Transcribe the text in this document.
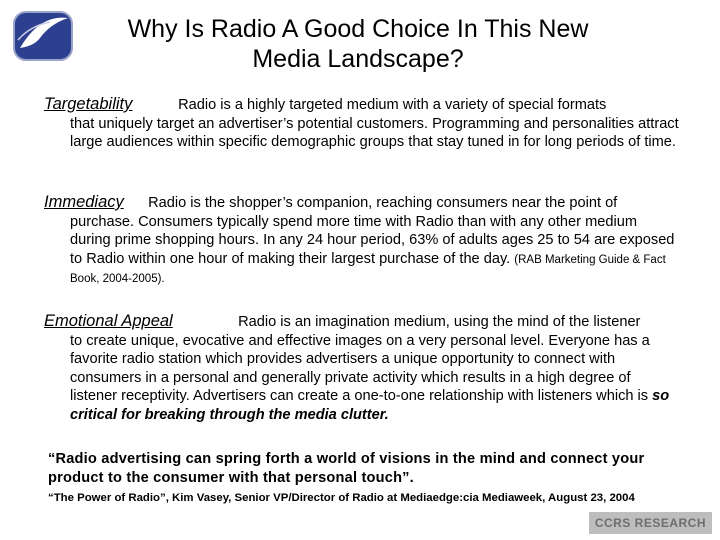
Why Is Radio A Good Choice In This New
Media Landscape?
Targetability	Radio is a highly targeted medium with a variety of special formats
that uniquely target an advertiser’s potential customers. Programming and personalities attract large audiences within specific demographic groups that stay tuned in for long periods of time.
Immediacy Radio is the shopper’s companion, reaching consumers near the point of
purchase. Consumers typically spend more time with Radio than with any other medium during prime shopping hours. In any 24 hour period, 63% of adults ages 25 to 54 are exposed to Radio within one hour of making their largest purchase of the day. (RAB Marketing Guide & Fact Book, 2004-2005).
Emotional Appeal	Radio is an imagination medium, using the mind of the listener
to create unique, evocative and effective images on a very personal level. Everyone has a favorite radio station which provides advertisers a unique opportunity to connect with consumers in a personal and generally private activity which results in a high degree of listener receptivity. Advertisers can create a one-to-one relationship with listeners which is so critical for breaking through the media clutter.
“Radio advertising can spring forth a world of visions in the mind and connect your product to the consumer with that personal touch”.
“The Power of Radio”, Kim Vasey, Senior VP/Director of Radio at Mediaedge:cia Mediaweek, August 23, 2004
CCRS RESEARCH
